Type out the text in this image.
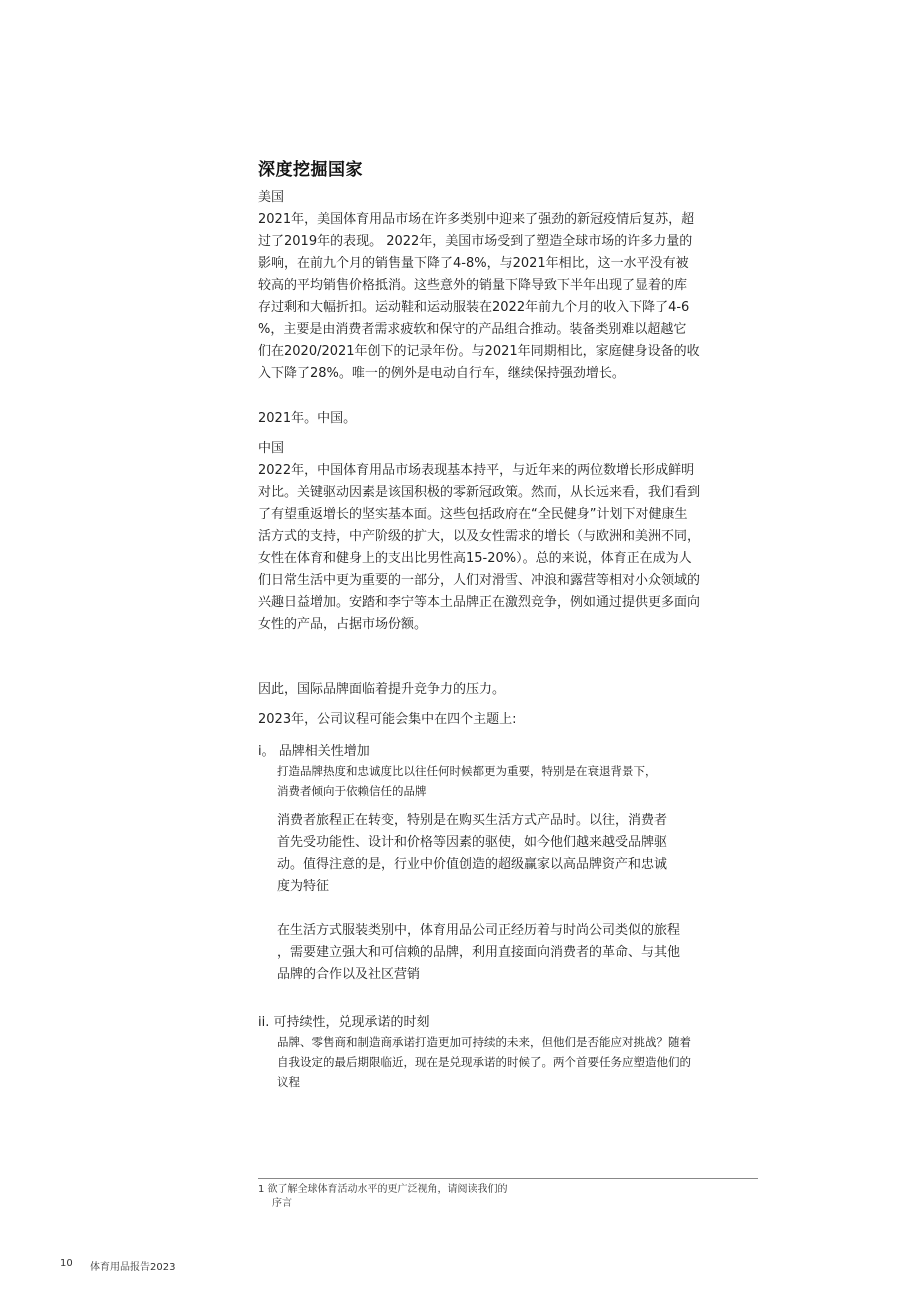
深度挖掘国家
美国
2021年，美国体育用品市场在许多类别中迎来了强劲的新冠疫情后复苏，超
过了2019年的表现。 2022年，美国市场受到了塑造全球市场的许多力量的
影响，在前九个月的销售量下降了4-8%，与2021年相比，这一水平没有被
较高的平均销售价格抵消。这些意外的销量下降导致下半年出现了显着的库
存过剩和大幅折扣。运动鞋和运动服装在2022年前九个月的收入下降了4-6
%，主要是由消费者需求疲软和保守的产品组合推动。装备类别难以超越它
们在2020/2021年创下的记录年份。与2021年同期相比，家庭健身设备的收
入下降了28%。唯一的例外是电动自行车，继续保持强劲增长。
2021年。中国。
中国
2022年，中国体育用品市场表现基本持平，与近年来的两位数增长形成鲜明
对比。关键驱动因素是该国积极的零新冠政策。然而，从长远来看，我们看到
了有望重返增长的坚实基本面。这些包括政府在“全民健身”计划下对健康生
活方式的支持，中产阶级的扩大，以及女性需求的增长（与欧洲和美洲不同，
女性在体育和健身上的支出比男性高15-20%）。总的来说，体育正在成为人
们日常生活中更为重要的一部分，人们对滑雪、冲浪和露营等相对小众领域的
兴趣日益增加。安踏和李宁等本土品牌正在激烈竞争，例如通过提供更多面向
女性的产品，占据市场份额。
因此，国际品牌面临着提升竞争力的压力。
2023年，公司议程可能会集中在四个主题上:
i。 品牌相关性增加
打造品牌热度和忠诚度比以往任何时候都更为重要，特别是在衰退背景下，
消费者倾向于依赖信任的品牌
消费者旅程正在转变，特别是在购买生活方式产品时。以往，消费者
首先受功能性、设计和价格等因素的驱使，如今他们越来越受品牌驱
动。值得注意的是，行业中价值创造的超级赢家以高品牌资产和忠诚
度为特征
在生活方式服装类别中，体育用品公司正经历着与时尚公司类似的旅程
，需要建立强大和可信赖的品牌，利用直接面向消费者的革命、与其他
品牌的合作以及社区营销
ii. 可持续性，兑现承诺的时刻
品牌、零售商和制造商承诺打造更加可持续的未来，但他们是否能应对挑战？随着
自我设定的最后期限临近，现在是兑现承诺的时候了。两个首要任务应塑造他们的
议程
1 欲了解全球体育活动水平的更广泛视角，请阅读我们的
序言
10 体育用品报告2023
